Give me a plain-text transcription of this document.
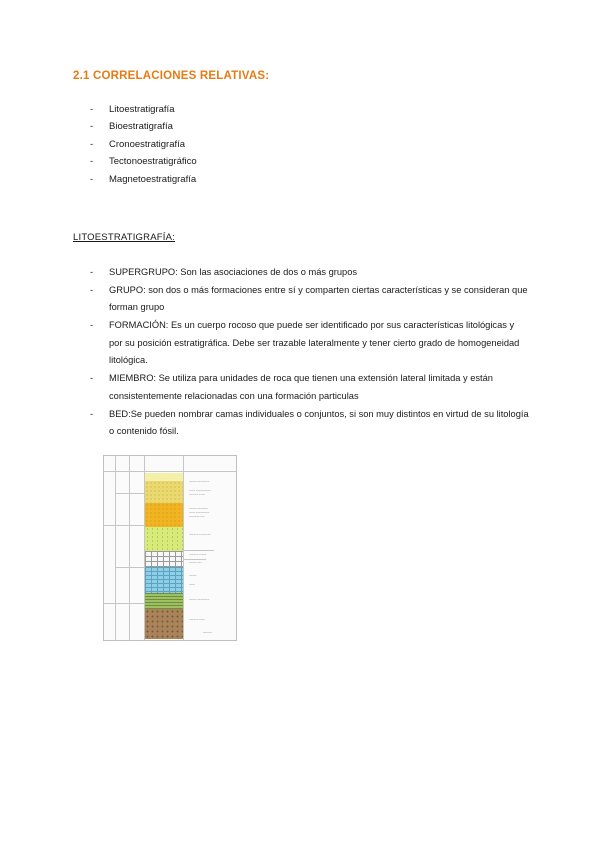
2.1 CORRELACIONES RELATIVAS:
- Litoestratigrafía
- Bioestratigrafía
- Cronoestratigrafía
- Tectonoestratigráfico
- Magnetoestratigrafía
LITOESTRATIGRAFÍA:
- SUPERGRUPO: Son las asociaciones de dos o más grupos
- GRUPO: son dos o más formaciones entre sí y comparten ciertas características y se consideran que forman grupo
- FORMACIÓN: Es un cuerpo rocoso que puede ser identificado por sus características litológicas y por su posición estratigráfica. Debe ser trazable lateralmente y tener cierto grado de homogeneidad litológica.
- MIEMBRO: Se utiliza para unidades de roca que tienen una extensión lateral limitada y están consistentemente relacionadas con una formación particulas
- BED:Se pueden nombrar camas individuales o conjuntos, si son muy distintos en virtud de su litología o contenido fósil.
~~~~~ ~~~~~~~~
~~~~ ~~~~~~~~~~
~~~~~~ ~~~~
~~~~~ ~~~~~~~
~~~~ ~~~~~~~~~
~~~~~~~ ~~~
~~~~~~ ~~~~~~~~
~~~~~~ ~~~~~
~~~~~ ~~~
~~~~~
~~~~
~~~~~ ~~~~~~~~
~~~~~~ ~~~~
~~~~~~
